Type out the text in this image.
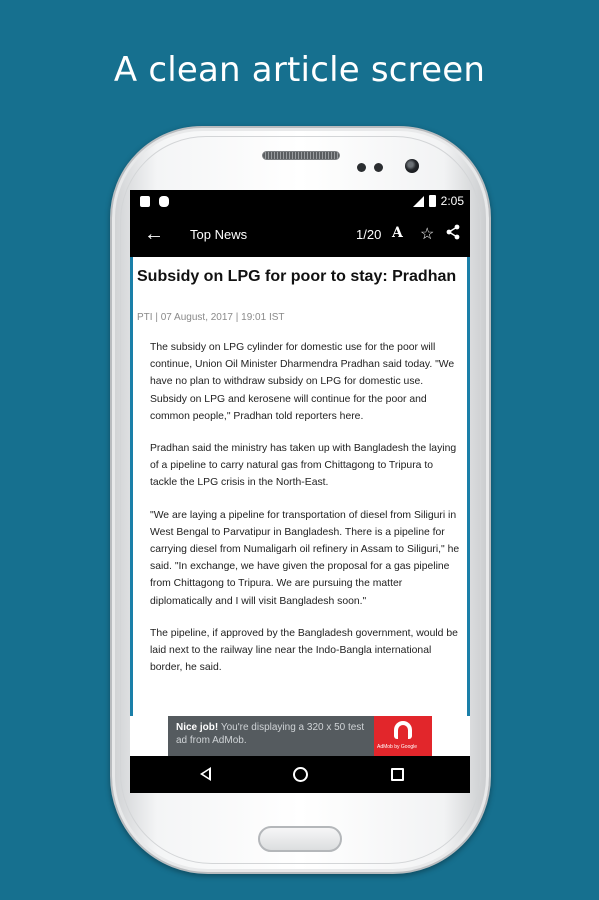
A clean article screen
2:05
← Top News	1/20 A ☆
Subsidy on LPG for poor to stay: Pradhan
PTI | 07 August, 2017 | 19:01 IST

The subsidy on LPG cylinder for domestic use for the poor will continue, Union Oil Minister Dharmendra Pradhan said today. "We have no plan to withdraw subsidy on LPG for domestic use. Subsidy on LPG and kerosene will continue for the poor and common people," Pradhan told reporters here.

Pradhan said the ministry has taken up with Bangladesh the laying of a pipeline to carry natural gas from Chittagong to Tripura to tackle the LPG crisis in the North-East.

"We are laying a pipeline for transportation of diesel from Siliguri in West Bengal to Parvatipur in Bangladesh. There is a pipeline for carrying diesel from Numaligarh oil refinery in Assam to Siliguri," he said. "In exchange, we have given the proposal for a gas pipeline from Chittagong to Tripura. We are pursuing the matter diplomatically and I will visit Bangladesh soon."

The pipeline, if approved by the Bangladesh government, would be laid next to the railway line near the Indo-Bangla international border, he said.

Nice job! You're displaying a 320 x 50 test ad from AdMob.
AdMob by Google
